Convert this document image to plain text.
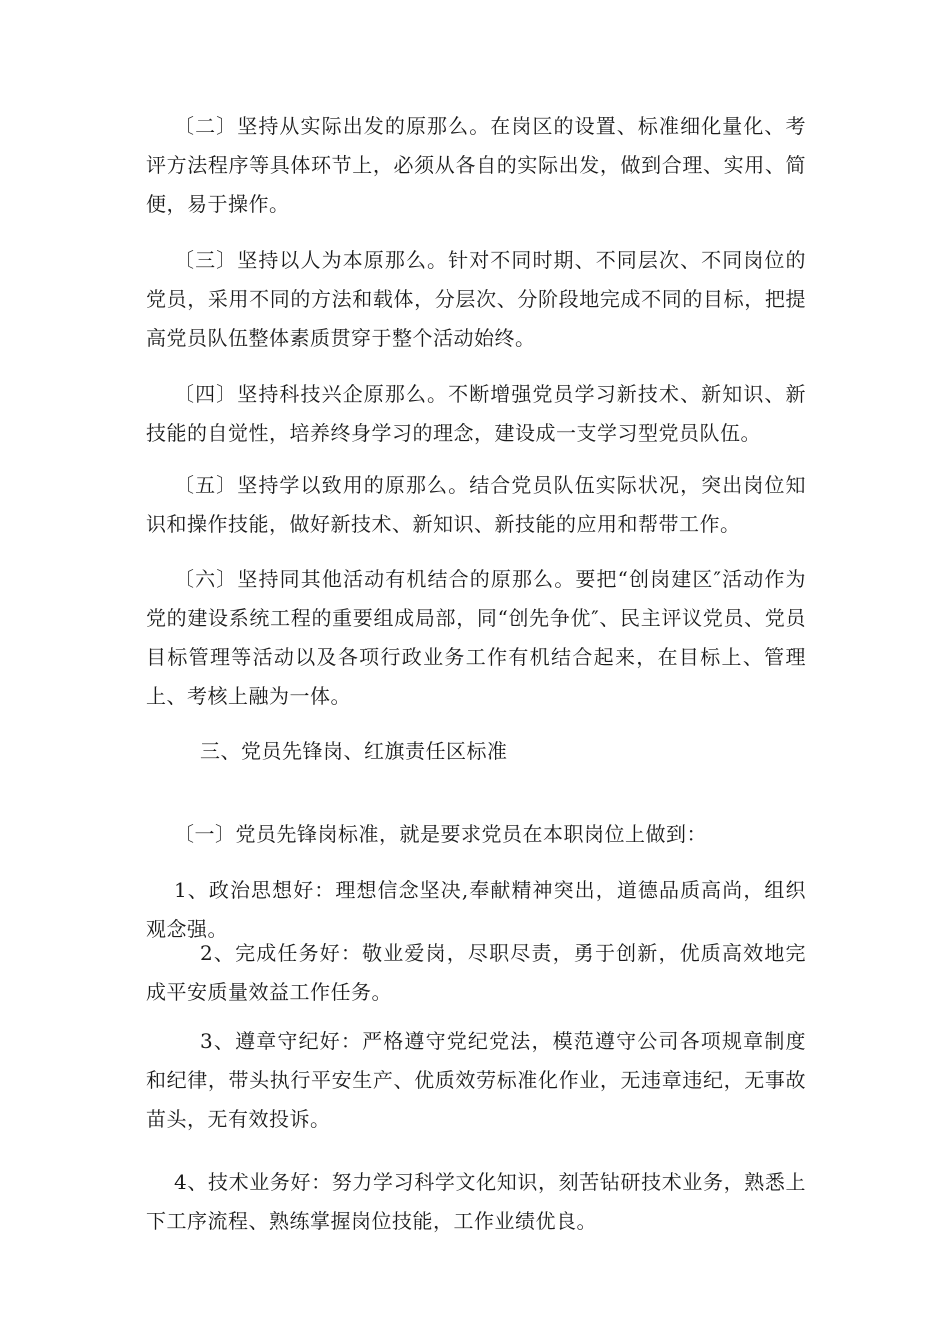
〔二〕坚持从实际出发的原那么。在岗区的设置、标准细化量化、考评方法程序等具体环节上，必须从各自的实际出发，做到合理、实用、简便，易于操作。

〔三〕坚持以人为本原那么。针对不同时期、不同层次、不同岗位的党员，采用不同的方法和载体，分层次、分阶段地完成不同的目标，把提高党员队伍整体素质贯穿于整个活动始终。

〔四〕坚持科技兴企原那么。不断增强党员学习新技术、新知识、新技能的自觉性，培养终身学习的理念，建设成一支学习型党员队伍。

〔五〕坚持学以致用的原那么。结合党员队伍实际状况，突出岗位知识和操作技能，做好新技术、新知识、新技能的应用和帮带工作。

〔六〕坚持同其他活动有机结合的原那么。要把“创岗建区″活动作为党的建设系统工程的重要组成局部，同“创先争优″、民主评议党员、党员目标管理等活动以及各项行政业务工作有机结合起来，在目标上、管理上、考核上融为一体。

三、党员先锋岗、红旗责任区标准

〔一〕党员先锋岗标准，就是要求党员在本职岗位上做到：

1、政治思想好：理想信念坚决,奉献精神突出，道德品质高尚，组织观念强。

2、完成任务好：敬业爱岗，尽职尽责，勇于创新，优质高效地完成平安质量效益工作任务。

3、遵章守纪好：严格遵守党纪党法，模范遵守公司各项规章制度和纪律，带头执行平安生产、优质效劳标准化作业，无违章违纪，无事故苗头，无有效投诉。

4、技术业务好：努力学习科学文化知识，刻苦钻研技术业务，熟悉上下工序流程、熟练掌握岗位技能，工作业绩优良。
